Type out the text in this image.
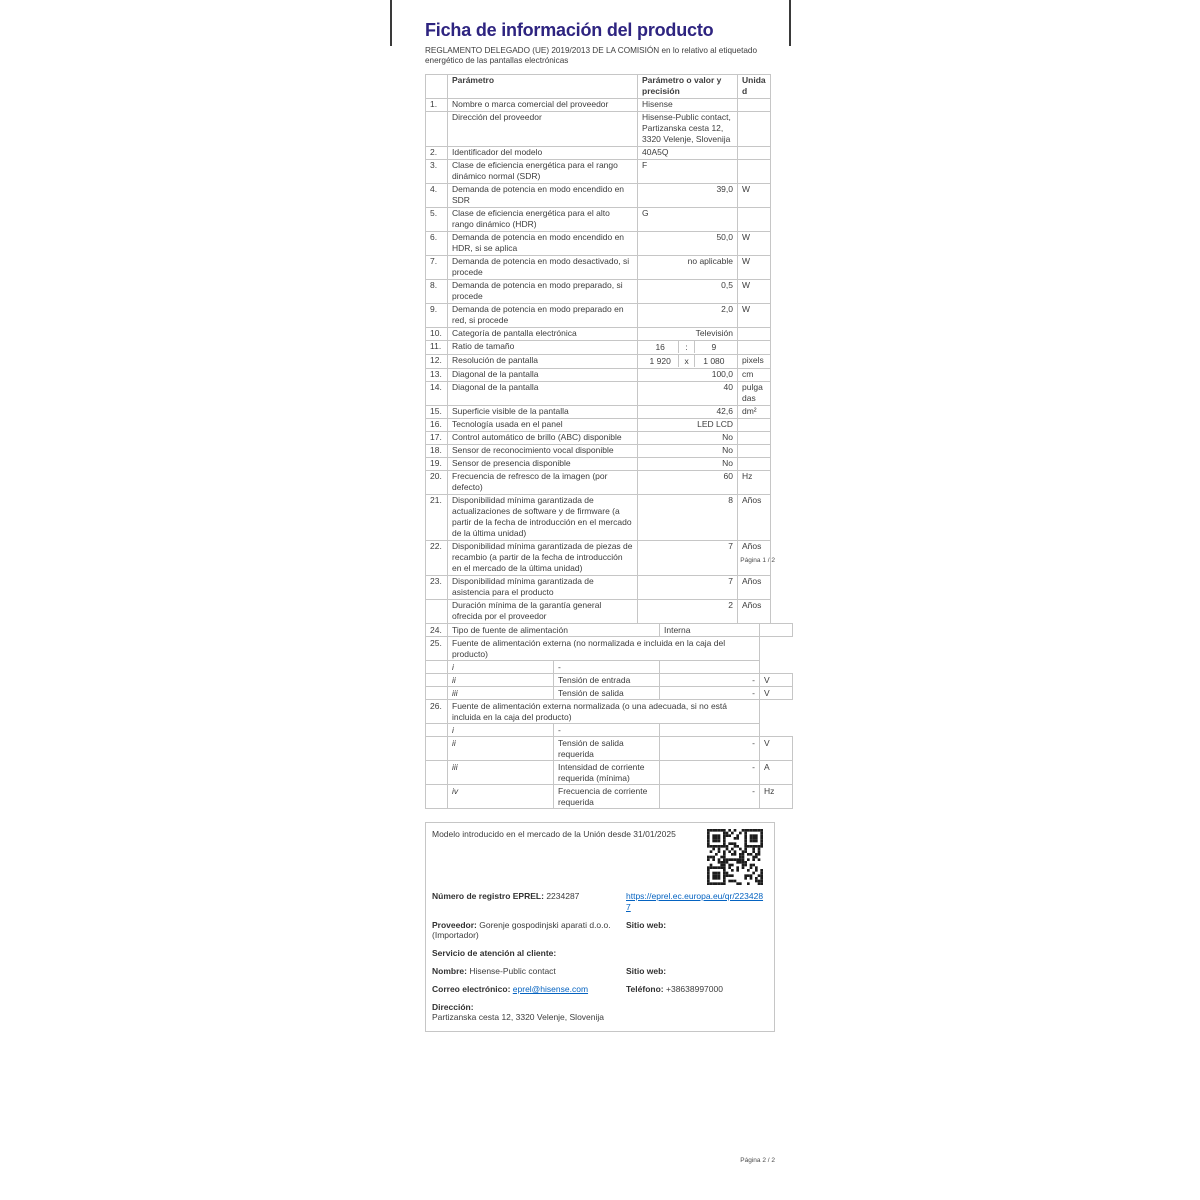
Ficha de información del producto
REGLAMENTO DELEGADO (UE) 2019/2013 DE LA COMISIÓN en lo relativo al etiquetado energético de las pantallas electrónicas
	Parámetro	Parámetro o valor y precisión	Unidad
1.	Nombre o marca comercial del proveedor	Hisense	
	Dirección del proveedor	Hisense-Public contact, Partizanska cesta 12, 3320 Velenje, Slovenija	
2.	Identificador del modelo	40A5Q	
3.	Clase de eficiencia energética para el rango dinámico normal (SDR)	F	
4.	Demanda de potencia en modo encendido en SDR	39,0	W
5.	Clase de eficiencia energética para el alto rango dinámico (HDR)	G	
6.	Demanda de potencia en modo encendido en HDR, si se aplica	50,0	W
7.	Demanda de potencia en modo desactivado, si procede	no aplicable	W
8.	Demanda de potencia en modo preparado, si procede	0,5	W
9.	Demanda de potencia en modo preparado en red, si procede	2,0	W
10.	Categoría de pantalla electrónica	Televisión	
11.	Ratio de tamaño	16 : 9	

12.	Resolución de pantalla	1 920 x 1 080	pixels
13.	Diagonal de la pantalla	100,0	cm
14.	Diagonal de la pantalla	40	pulgadas
15.	Superficie visible de la pantalla	42,6	dm²
16.	Tecnología usada en el panel	LED LCD	
17.	Control automático de brillo (ABC) disponible	No	
18.	Sensor de reconocimiento vocal disponible	No	
19.	Sensor de presencia disponible	No	
20.	Frecuencia de refresco de la imagen (por defecto)	60	Hz
21.	Disponibilidad mínima garantizada de actualizaciones de software y de firmware (a partir de la fecha de introducción en el mercado de la última unidad)	8	Años
22.	Disponibilidad mínima garantizada de piezas de recambio (a partir de la fecha de introducción en el mercado de la última unidad)	7	Años
23.	Disponibilidad mínima garantizada de asistencia para el producto	7	Años
	Duración mínima de la garantía general ofrecida por el proveedor	2	Años
Página 1 / 2
24.	Tipo de fuente de alimentación		Interna	
25.	Fuente de alimentación externa (no normalizada e incluida en la caja del producto)			
	i	-		
	ii	Tensión de entrada	-	V
	iii	Tensión de salida	-	V
26.	Fuente de alimentación externa normalizada (o una adecuada, si no está incluida en la caja del producto)			
	i	-		
	ii	Tensión de salida requerida	-	V
	iii	Intensidad de corriente requerida (mínima)	-	A
	iv	Frecuencia de corriente requerida	-	Hz
Modelo introducido en el mercado de la Unión desde 31/01/2025
Número de registro EPREL: 2234287	https://eprel.ec.europa.eu/qr/2234287
Proveedor: Gorenje gospodinjski aparati d.o.o. (Importador)
Sitio web:
Servicio de atención al cliente:
Nombre: Hisense-Public contact	Sitio web:
Correo electrónico: eprel@hisense.com	Teléfono: +38638997000
Dirección:
Partizanska cesta 12, 3320 Velenje, Slovenija
Página 2 / 2
